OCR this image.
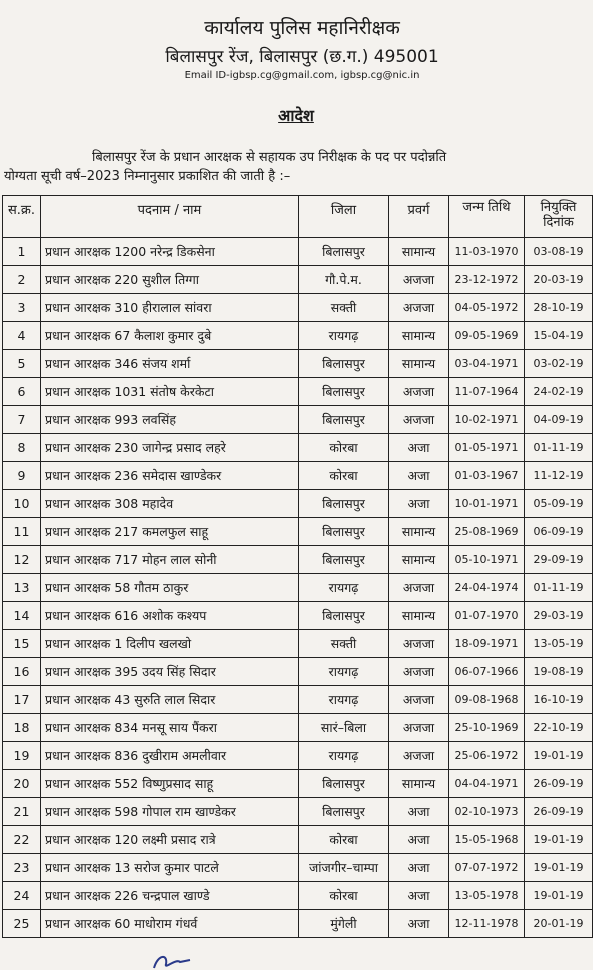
कार्यालय पुलिस महानिरीक्षक
बिलासपुर रेंज, बिलासपुर (छ.ग.) 495001
Email ID-igbsp.cg@gmail.com, igbsp.cg@nic.in
आदेश
बिलासपुर रेंज के प्रधान आरक्षक से सहायक उप निरीक्षक के पद पर पदोन्नति
योग्यता सूची वर्ष–2023 निम्नानुसार प्रकाशित की जाती है :–
स.क्र.	पदनाम / नाम	जिला	प्रवर्ग	जन्म तिथि	नियुक्ति दिनांक
1	प्रधान आरक्षक 1200 नरेन्द्र डिकसेना	बिलासपुर	सामान्य	11-03-1970	03-08-19
2	प्रधान आरक्षक 220 सुशील तिग्गा	गौ.पे.म.	अजजा	23-12-1972	20-03-19
3	प्रधान आरक्षक 310 हीरालाल सांवरा	सक्ती	अजजा	04-05-1972	28-10-19
4	प्रधान आरक्षक 67 कैलाश कुमार दुबे	रायगढ़	सामान्य	09-05-1969	15-04-19
5	प्रधान आरक्षक 346 संजय शर्मा	बिलासपुर	सामान्य	03-04-1971	03-02-19
6	प्रधान आरक्षक 1031 संतोष केरकेटा	बिलासपुर	अजजा	11-07-1964	24-02-19
7	प्रधान आरक्षक 993 लवसिंह	बिलासपुर	अजजा	10-02-1971	04-09-19
8	प्रधान आरक्षक 230 जागेन्द्र प्रसाद लहरे	कोरबा	अजा	01-05-1971	01-11-19
9	प्रधान आरक्षक 236 समेदास खाण्डेकर	कोरबा	अजा	01-03-1967	11-12-19
10	प्रधान आरक्षक 308 महादेव	बिलासपुर	अजा	10-01-1971	05-09-19
11	प्रधान आरक्षक 217 कमलफुल साहू	बिलासपुर	सामान्य	25-08-1969	06-09-19
12	प्रधान आरक्षक 717 मोहन लाल सोनी	बिलासपुर	सामान्य	05-10-1971	29-09-19
13	प्रधान आरक्षक 58 गौतम ठाकुर	रायगढ़	अजजा	24-04-1974	01-11-19
14	प्रधान आरक्षक 616 अशोक कश्यप	बिलासपुर	सामान्य	01-07-1970	29-03-19
15	प्रधान आरक्षक 1 दिलीप खलखो	सक्ती	अजजा	18-09-1971	13-05-19
16	प्रधान आरक्षक 395 उदय सिंह सिदार	रायगढ़	अजजा	06-07-1966	19-08-19
17	प्रधान आरक्षक 43 सुरुति लाल सिदार	रायगढ़	अजजा	09-08-1968	16-10-19
18	प्रधान आरक्षक 834 मनसू साय पैंकरा	सारं–बिला	अजजा	25-10-1969	22-10-19
19	प्रधान आरक्षक 836 दुखीराम अमलीवार	रायगढ़	अजजा	25-06-1972	19-01-19
20	प्रधान आरक्षक 552 विष्णुप्रसाद साहू	बिलासपुर	सामान्य	04-04-1971	26-09-19
21	प्रधान आरक्षक 598 गोपाल राम खाण्डेकर	बिलासपुर	अजा	02-10-1973	26-09-19
22	प्रधान आरक्षक 120 लक्ष्मी प्रसाद रात्रे	कोरबा	अजा	15-05-1968	19-01-19
23	प्रधान आरक्षक 13 सरोज कुमार पाटले	जांजगीर–चाम्पा	अजा	07-07-1972	19-01-19
24	प्रधान आरक्षक 226 चन्द्रपाल खाण्डे	कोरबा	अजा	13-05-1978	19-01-19
25	प्रधान आरक्षक 60 माधोराम गंधर्व	मुंगेली	अजा	12-11-1978	20-01-19
